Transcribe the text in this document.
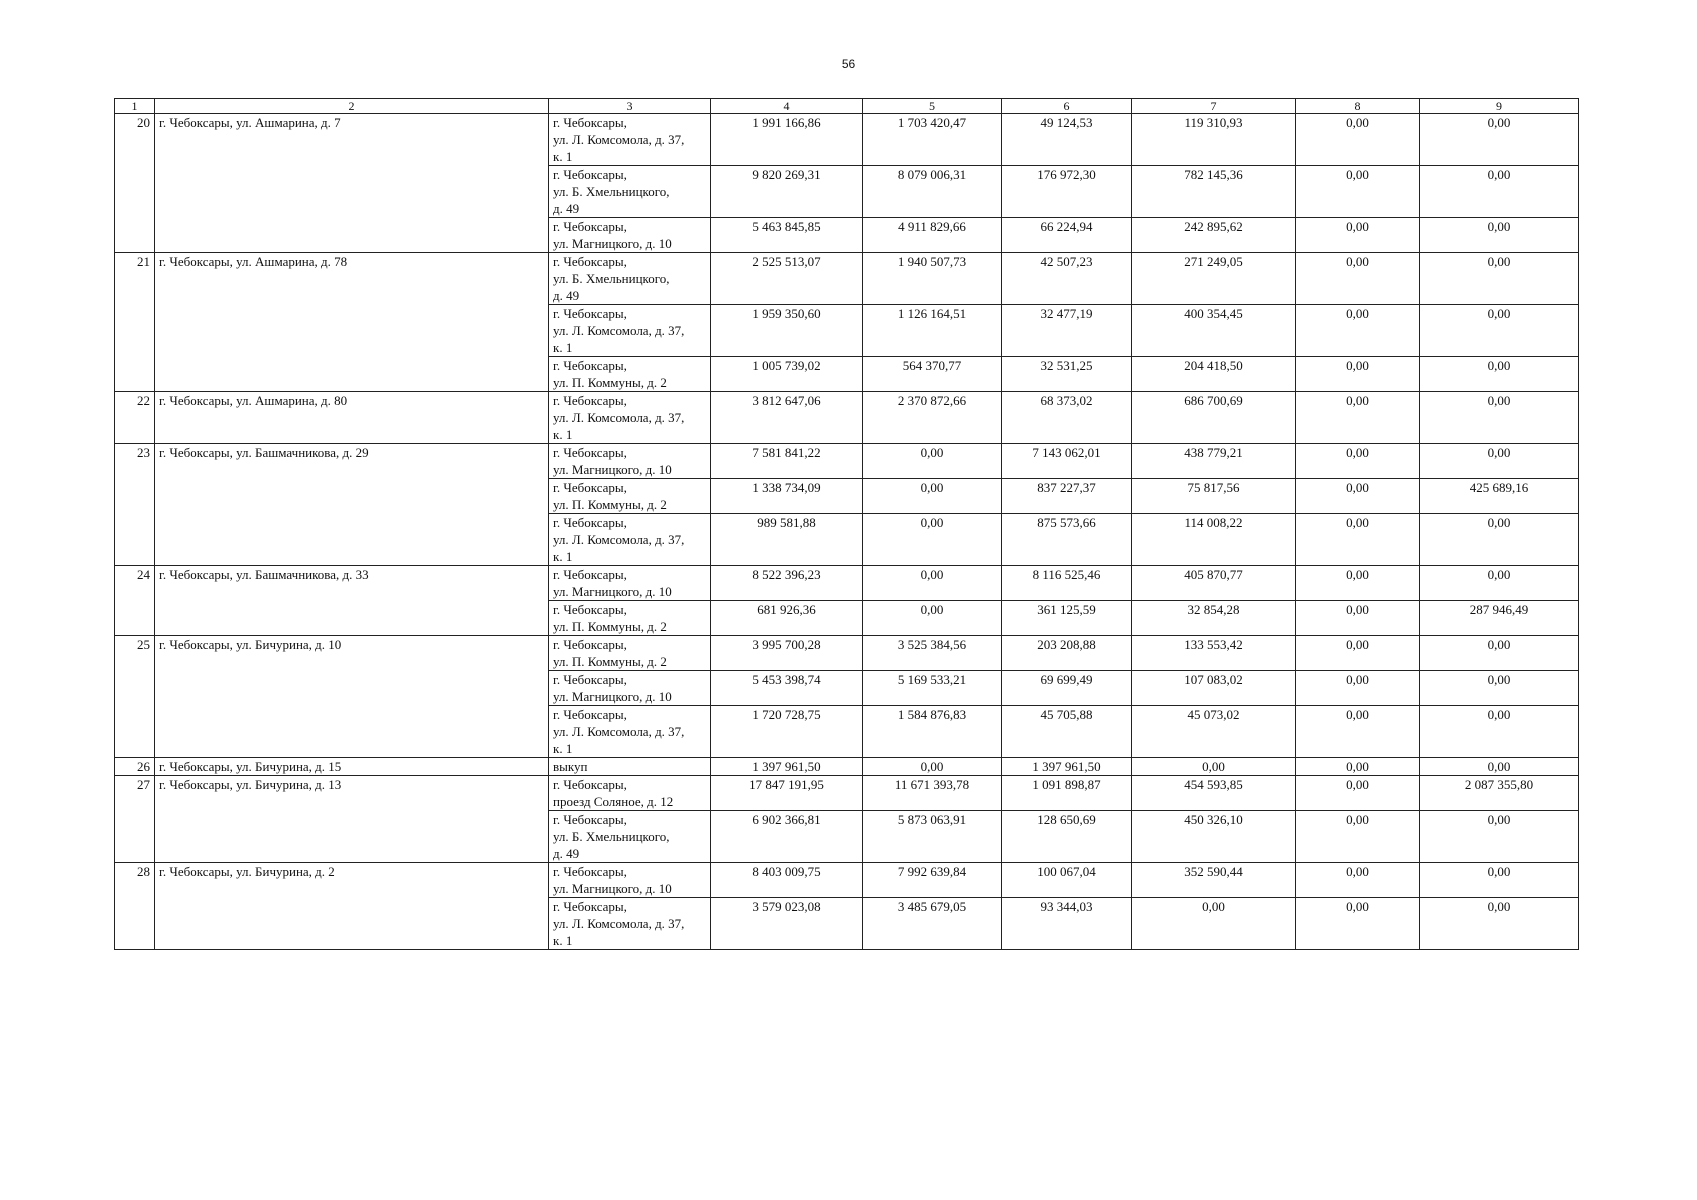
56
1	2	3	4	5	6	7	8	9
20	г. Чебоксары, ул. Ашмарина, д. 7	г. Чебоксары,
ул. Л. Комсомола, д. 37,
к. 1	1 991 166,86	1 703 420,47	49 124,53	119 310,93	0,00	0,00
		г. Чебоксары,
ул. Б. Хмельницкого,
д. 49	9 820 269,31	8 079 006,31	176 972,30	782 145,36	0,00	0,00
		г. Чебоксары,
ул. Магницкого, д. 10	5 463 845,85	4 911 829,66	66 224,94	242 895,62	0,00	0,00
21	г. Чебоксары, ул. Ашмарина, д. 78	г. Чебоксары,
ул. Б. Хмельницкого,
д. 49	2 525 513,07	1 940 507,73	42 507,23	271 249,05	0,00	0,00
		г. Чебоксары,
ул. Л. Комсомола, д. 37,
к. 1	1 959 350,60	1 126 164,51	32 477,19	400 354,45	0,00	0,00
		г. Чебоксары,
ул. П. Коммуны, д. 2	1 005 739,02	564 370,77	32 531,25	204 418,50	0,00	0,00
22	г. Чебоксары, ул. Ашмарина, д. 80	г. Чебоксары,
ул. Л. Комсомола, д. 37,
к. 1	3 812 647,06	2 370 872,66	68 373,02	686 700,69	0,00	0,00
23	г. Чебоксары, ул. Башмачникова, д. 29	г. Чебоксары,
ул. Магницкого, д. 10	7 581 841,22	0,00	7 143 062,01	438 779,21	0,00	0,00
		г. Чебоксары,
ул. П. Коммуны, д. 2	1 338 734,09	0,00	837 227,37	75 817,56	0,00	425 689,16
		г. Чебоксары,
ул. Л. Комсомола, д. 37,
к. 1	989 581,88	0,00	875 573,66	114 008,22	0,00	0,00
24	г. Чебоксары, ул. Башмачникова, д. 33	г. Чебоксары,
ул. Магницкого, д. 10	8 522 396,23	0,00	8 116 525,46	405 870,77	0,00	0,00
		г. Чебоксары,
ул. П. Коммуны, д. 2	681 926,36	0,00	361 125,59	32 854,28	0,00	287 946,49
25	г. Чебоксары, ул. Бичурина, д. 10	г. Чебоксары,
ул. П. Коммуны, д. 2	3 995 700,28	3 525 384,56	203 208,88	133 553,42	0,00	0,00
		г. Чебоксары,
ул. Магницкого, д. 10	5 453 398,74	5 169 533,21	69 699,49	107 083,02	0,00	0,00
		г. Чебоксары,
ул. Л. Комсомола, д. 37,
к. 1	1 720 728,75	1 584 876,83	45 705,88	45 073,02	0,00	0,00
26	г. Чебоксары, ул. Бичурина, д. 15	выкуп	1 397 961,50	0,00	1 397 961,50	0,00	0,00	0,00
27	г. Чебоксары, ул. Бичурина, д. 13	г. Чебоксары,
проезд Соляное, д. 12	17 847 191,95	11 671 393,78	1 091 898,87	454 593,85	0,00	2 087 355,80
		г. Чебоксары,
ул. Б. Хмельницкого,
д. 49	6 902 366,81	5 873 063,91	128 650,69	450 326,10	0,00	0,00
28	г. Чебоксары, ул. Бичурина, д. 2	г. Чебоксары,
ул. Магницкого, д. 10	8 403 009,75	7 992 639,84	100 067,04	352 590,44	0,00	0,00
		г. Чебоксары,
ул. Л. Комсомола, д. 37,
к. 1	3 579 023,08	3 485 679,05	93 344,03	0,00	0,00	0,00
